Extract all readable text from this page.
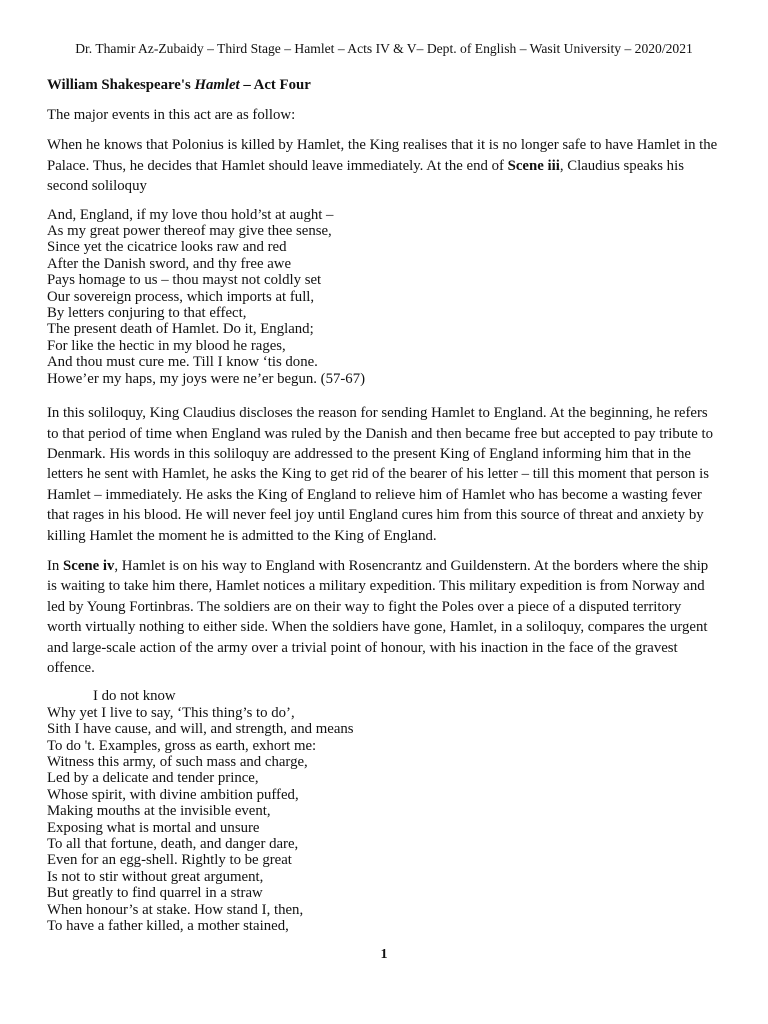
Dr. Thamir Az-Zubaidy – Third Stage – Hamlet – Acts IV & V– Dept. of English – Wasit University – 2020/2021
William Shakespeare's Hamlet – Act Four

The major events in this act are as follow:

When he knows that Polonius is killed by Hamlet, the King realises that it is no longer safe to have Hamlet in the Palace. Thus, he decides that Hamlet should leave immediately. At the end of Scene iii, Claudius speaks his second soliloquy

And, England, if my love thou hold’st at aught –
As my great power thereof may give thee sense,
Since yet the cicatrice looks raw and red
After the Danish sword, and thy free awe
Pays homage to us – thou mayst not coldly set
Our sovereign process, which imports at full,
By letters conjuring to that effect,
The present death of Hamlet. Do it, England;
For like the hectic in my blood he rages,
And thou must cure me. Till I know ‘tis done.
Howe’er my haps, my joys were ne’er begun. (57-67)

In this soliloquy, King Claudius discloses the reason for sending Hamlet to England. At the beginning, he refers to that period of time when England was ruled by the Danish and then became free but accepted to pay tribute to Denmark. His words in this soliloquy are addressed to the present King of England informing him that in the letters he sent with Hamlet, he asks the King to get rid of the bearer of his letter – till this moment that person is Hamlet – immediately. He asks the King of England to relieve him of Hamlet who has become a wasting fever that rages in his blood. He will never feel joy until England cures him from this source of threat and anxiety by killing Hamlet the moment he is admitted to the King of England.

In Scene iv, Hamlet is on his way to England with Rosencrantz and Guildenstern. At the borders where the ship is waiting to take him there, Hamlet notices a military expedition. This military expedition is from Norway and led by Young Fortinbras. The soldiers are on their way to fight the Poles over a piece of a disputed territory worth virtually nothing to either side. When the soldiers have gone, Hamlet, in a soliloquy, compares the urgent and large-scale action of the army over a trivial point of honour, with his inaction in the face of the gravest offence.

I do not know
Why yet I live to say, ‘This thing’s to do’,
Sith I have cause, and will, and strength, and means
To do 't. Examples, gross as earth, exhort me:
Witness this army, of such mass and charge,
Led by a delicate and tender prince,
Whose spirit, with divine ambition puffed,
Making mouths at the invisible event,
Exposing what is mortal and unsure
To all that fortune, death, and danger dare,
Even for an egg-shell. Rightly to be great
Is not to stir without great argument,
But greatly to find quarrel in a straw
When honour’s at stake. How stand I, then,
To have a father killed, a mother stained,
1
